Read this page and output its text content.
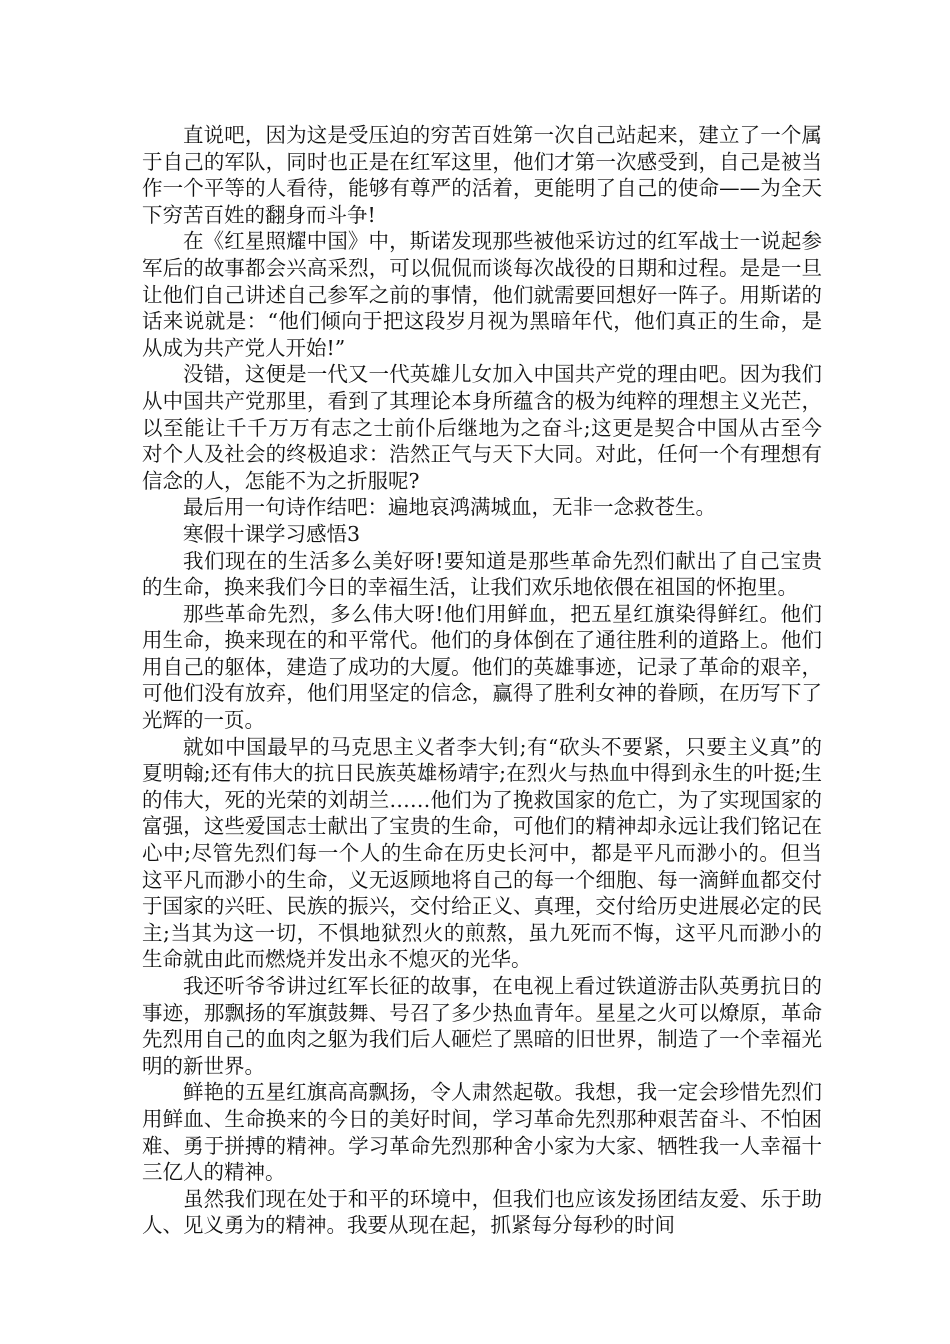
直说吧，因为这是受压迫的穷苦百姓第一次自己站起来，建立了一个属于自己的军队，同时也正是在红军这里，他们才第一次感受到，自己是被当作一个平等的人看待，能够有尊严的活着，更能明了自己的使命——为全天下穷苦百姓的翻身而斗争!

在《红星照耀中国》中，斯诺发现那些被他采访过的红军战士一说起参军后的故事都会兴高采烈，可以侃侃而谈每次战役的日期和过程。是是一旦让他们自己讲述自己参军之前的事情，他们就需要回想好一阵子。用斯诺的话来说就是：“他们倾向于把这段岁月视为黑暗年代，他们真正的生命，是从成为共产党人开始!”

没错，这便是一代又一代英雄儿女加入中国共产党的理由吧。因为我们从中国共产党那里，看到了其理论本身所蕴含的极为纯粹的理想主义光芒，以至能让千千万万有志之士前仆后继地为之奋斗;这更是契合中国从古至今对个人及社会的终极追求：浩然正气与天下大同。对此，任何一个有理想有信念的人，怎能不为之折服呢?

最后用一句诗作结吧：遍地哀鸿满城血，无非一念救苍生。

寒假十课学习感悟3

我们现在的生活多么美好呀!要知道是那些革命先烈们献出了自己宝贵的生命，换来我们今日的幸福生活，让我们欢乐地依偎在祖国的怀抱里。

那些革命先烈，多么伟大呀!他们用鲜血，把五星红旗染得鲜红。他们用生命，换来现在的和平常代。他们的身体倒在了通往胜利的道路上。他们用自己的躯体，建造了成功的大厦。他们的英雄事迹，记录了革命的艰辛，可他们没有放弃，他们用坚定的信念，赢得了胜利女神的眷顾，在历写下了光辉的一页。

就如中国最早的马克思主义者李大钊;有“砍头不要紧，只要主义真”的夏明翰;还有伟大的抗日民族英雄杨靖宇;在烈火与热血中得到永生的叶挺;生的伟大，死的光荣的刘胡兰……他们为了挽救国家的危亡，为了实现国家的富强，这些爱国志士献出了宝贵的生命，可他们的精神却永远让我们铭记在心中;尽管先烈们每一个人的生命在历史长河中，都是平凡而渺小的。但当这平凡而渺小的生命，义无返顾地将自己的每一个细胞、每一滴鲜血都交付于国家的兴旺、民族的振兴，交付给正义、真理，交付给历史进展必定的民主;当其为这一切，不惧地狱烈火的煎熬，虽九死而不悔，这平凡而渺小的生命就由此而燃烧并发出永不熄灭的光华。

我还听爷爷讲过红军长征的故事，在电视上看过铁道游击队英勇抗日的事迹，那飘扬的军旗鼓舞、号召了多少热血青年。星星之火可以燎原，革命先烈用自己的血肉之躯为我们后人砸烂了黑暗的旧世界，制造了一个幸福光明的新世界。

鲜艳的五星红旗高高飘扬，令人肃然起敬。我想，我一定会珍惜先烈们用鲜血、生命换来的今日的美好时间，学习革命先烈那种艰苦奋斗、不怕困难、勇于拼搏的精神。学习革命先烈那种舍小家为大家、牺牲我一人幸福十三亿人的精神。

虽然我们现在处于和平的环境中，但我们也应该发扬团结友爱、乐于助人、见义勇为的精神。我要从现在起，抓紧每分每秒的时间
